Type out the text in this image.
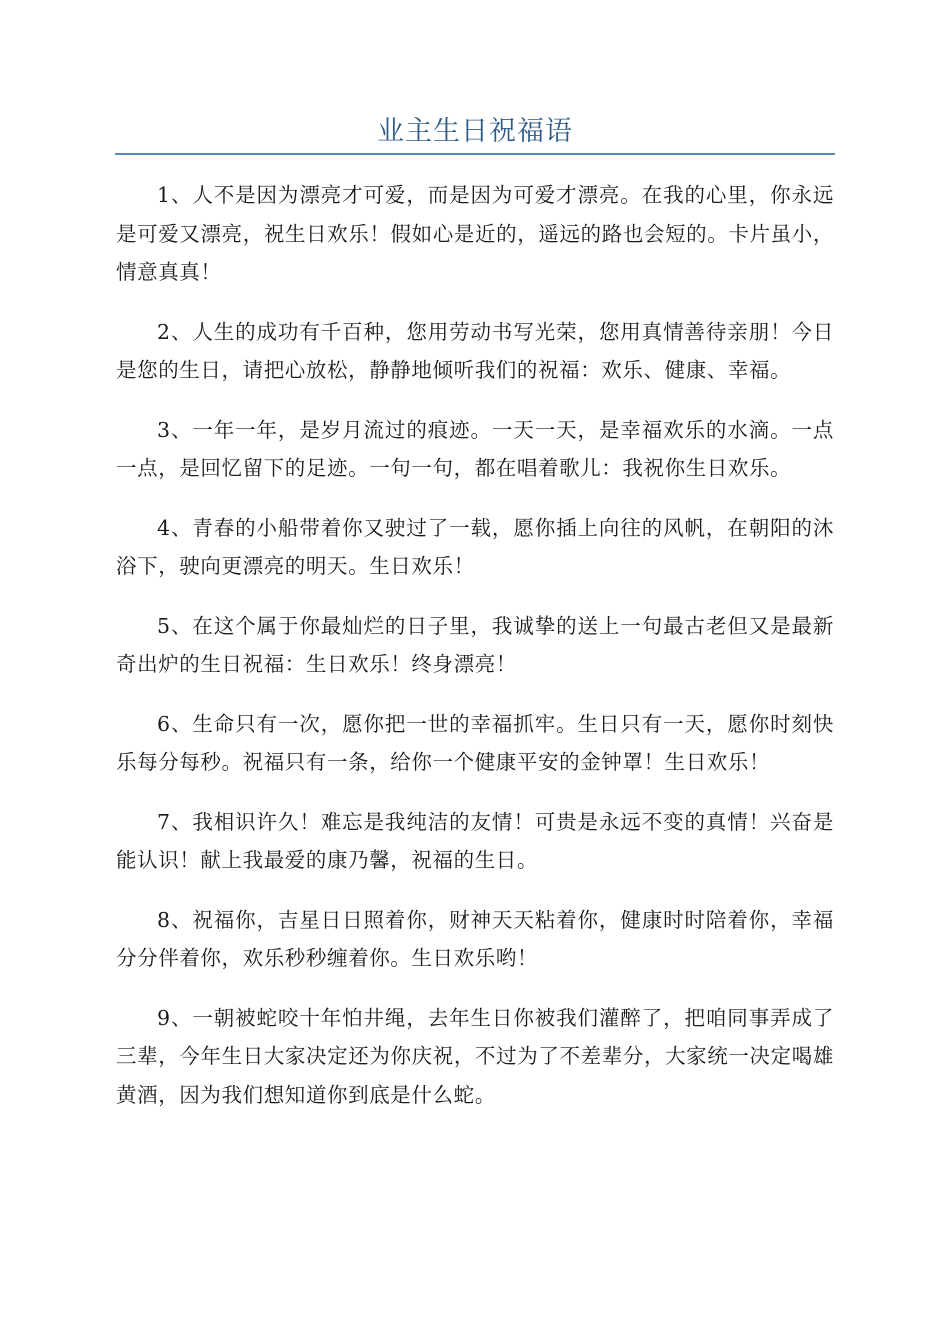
业主生日祝福语

1、人不是因为漂亮才可爱，而是因为可爱才漂亮。在我的心里，你永远是可爱又漂亮，祝生日欢乐！假如心是近的，遥远的路也会短的。卡片虽小，情意真真！

2、人生的成功有千百种，您用劳动书写光荣，您用真情善待亲朋！今日是您的生日，请把心放松，静静地倾听我们的祝福：欢乐、健康、幸福。

3、一年一年，是岁月流过的痕迹。一天一天，是幸福欢乐的水滴。一点一点，是回忆留下的足迹。一句一句，都在唱着歌儿：我祝你生日欢乐。

4、青春的小船带着你又驶过了一载，愿你插上向往的风帆，在朝阳的沐浴下，驶向更漂亮的明天。生日欢乐！

5、在这个属于你最灿烂的日子里，我诚挚的送上一句最古老但又是最新奇出炉的生日祝福：生日欢乐！终身漂亮！

6、生命只有一次，愿你把一世的幸福抓牢。生日只有一天，愿你时刻快乐每分每秒。祝福只有一条，给你一个健康平安的金钟罩！生日欢乐！

7、我相识许久！难忘是我纯洁的友情！可贵是永远不变的真情！兴奋是能认识！献上我最爱的康乃馨，祝福的生日。

8、祝福你，吉星日日照着你，财神天天粘着你，健康时时陪着你，幸福分分伴着你，欢乐秒秒缠着你。生日欢乐哟！

9、一朝被蛇咬十年怕井绳，去年生日你被我们灌醉了，把咱同事弄成了三辈，今年生日大家决定还为你庆祝，不过为了不差辈分，大家统一决定喝雄黄酒，因为我们想知道你到底是什么蛇。
